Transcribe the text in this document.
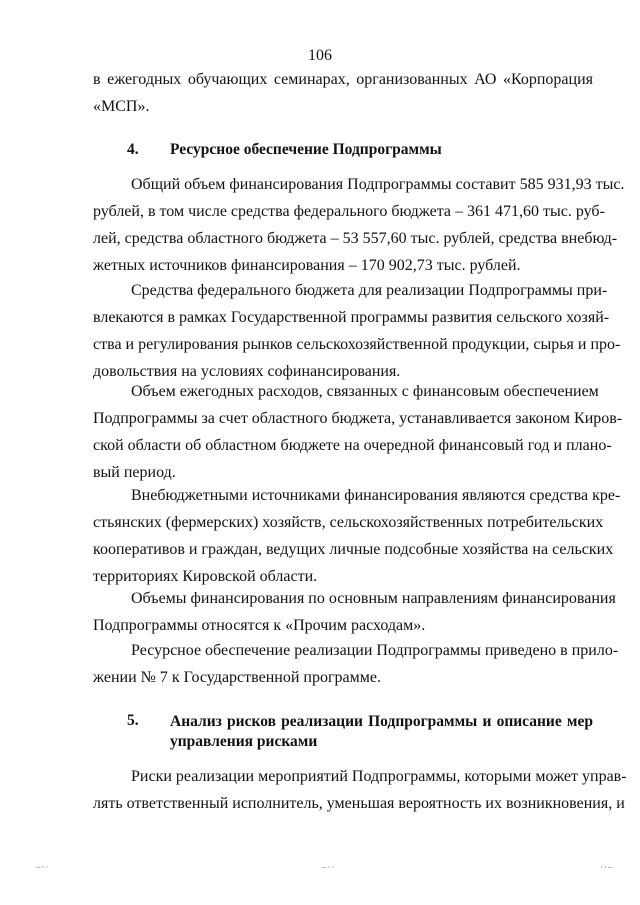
106
в ежегодных обучающих семинарах, организованных АО «Корпорация
«МСП».
4. Ресурсное обеспечение Подпрограммы
Общий объем финансирования Подпрограммы составит 585 931,93 тыс.
рублей, в том числе средства федерального бюджета – 361 471,60 тыс. руб-
лей, средства областного бюджета – 53 557,60 тыс. рублей, средства внебюд-
жетных источников финансирования – 170 902,73 тыс. рублей.
Средства федерального бюджета для реализации Подпрограммы при-
влекаются в рамках Государственной программы развития сельского хозяй-
ства и регулирования рынков сельскохозяйственной продукции, сырья и про-
довольствия на условиях софинансирования.
Объем ежегодных расходов, связанных с финансовым обеспечением
Подпрограммы за счет областного бюджета, устанавливается законом Киров-
ской области об областном бюджете на очередной финансовый год и плано-
вый период.
Внебюджетными источниками финансирования являются средства кре-
стьянских (фермерских) хозяйств, сельскохозяйственных потребительских
кооперативов и граждан, ведущих личные подсобные хозяйства на сельских
территориях Кировской области.
Объемы финансирования по основным направлениям финансирования
Подпрограммы относятся к «Прочим расходам».
Ресурсное обеспечение реализации Подпрограммы приведено в прило-
жении № 7 к Государственной программе.
5. Анализ рисков реализации Подпрограммы и описание мер
управления рисками
Риски реализации мероприятий Подпрограммы, которыми может управ-
лять ответственный исполнитель, уменьшая вероятность их возникновения, и
–··	–··	··–
